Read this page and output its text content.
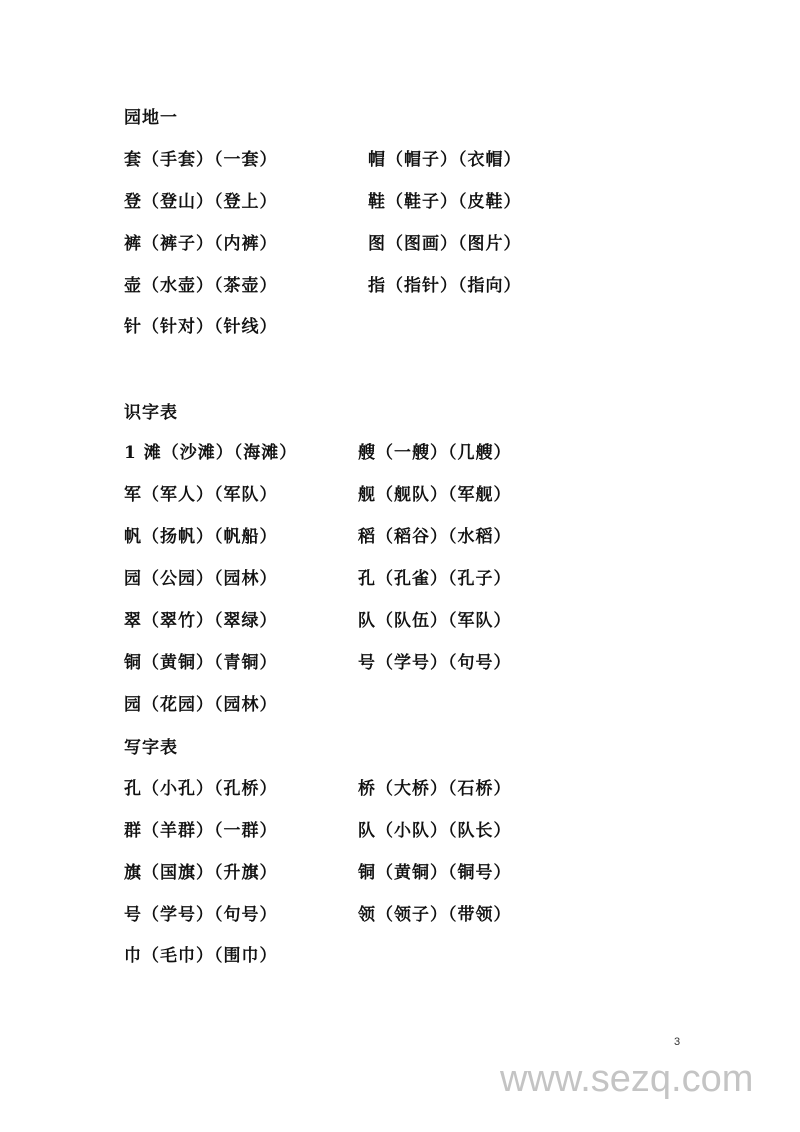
园地一
套（手套）（一套）	帽（帽子）（衣帽）
登（登山）（登上）	鞋（鞋子）（皮鞋）
裤（裤子）（内裤）	图（图画）（图片）
壶（水壶）（茶壶）	指（指针）（指向）
针（针对）（针线）
识字表
1 滩（沙滩）（海滩）	艘（一艘）（几艘）
军（军人）（军队）	舰（舰队）（军舰）
帆（扬帆）（帆船）	稻（稻谷）（水稻）
园（公园）（园林）	孔（孔雀）（孔子）
翠（翠竹）（翠绿）	队（队伍）（军队）
铜（黄铜）（青铜）	号（学号）（句号）
园（花园）（园林）
写字表
孔（小孔）（孔桥）	桥（大桥）（石桥）
群（羊群）（一群）	队（小队）（队长）
旗（国旗）（升旗）	铜（黄铜）（铜号）
号（学号）（句号）	领（领子）（带领）
巾（毛巾）（围巾）
3
www.sezq.com
